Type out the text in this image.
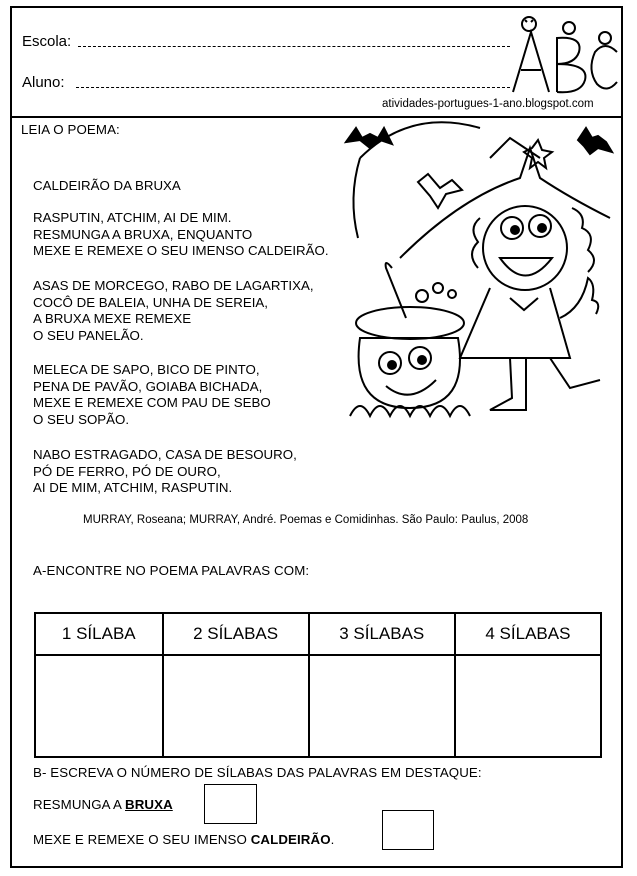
Escola:
Aluno:
atividades-portugues-1-ano.blogspot.com
ABC
LEIA O POEMA:
CALDEIRÃO DA BRUXA
RASPUTIN, ATCHIM, AI DE MIM.
RESMUNGA A BRUXA, ENQUANTO
MEXE E REMEXE O SEU IMENSO CALDEIRÃO.
ASAS DE MORCEGO, RABO DE LAGARTIXA,
COCÔ DE BALEIA, UNHA DE SEREIA,
A BRUXA MEXE REMEXE
O SEU PANELÃO.
MELECA DE SAPO, BICO DE PINTO,
PENA DE PAVÃO, GOIABA BICHADA,
MEXE E REMEXE COM PAU DE SEBO
O SEU SOPÃO.
NABO ESTRAGADO, CASA DE BESOURO,
PÓ DE FERRO, PÓ DE OURO,
AI DE MIM, ATCHIM, RASPUTIN.
MURRAY, Roseana; MURRAY, André. Poemas e Comidinhas. São Paulo: Paulus, 2008
A-ENCONTRE NO POEMA PALAVRAS COM:
1 SÍLABA	2 SÍLABAS	3 SÍLABAS	4 SÍLABAS

B- ESCREVA O NÚMERO DE SÍLABAS DAS PALAVRAS EM DESTAQUE:
RESMUNGA A BRUXA
MEXE E REMEXE O SEU IMENSO CALDEIRÃO.
